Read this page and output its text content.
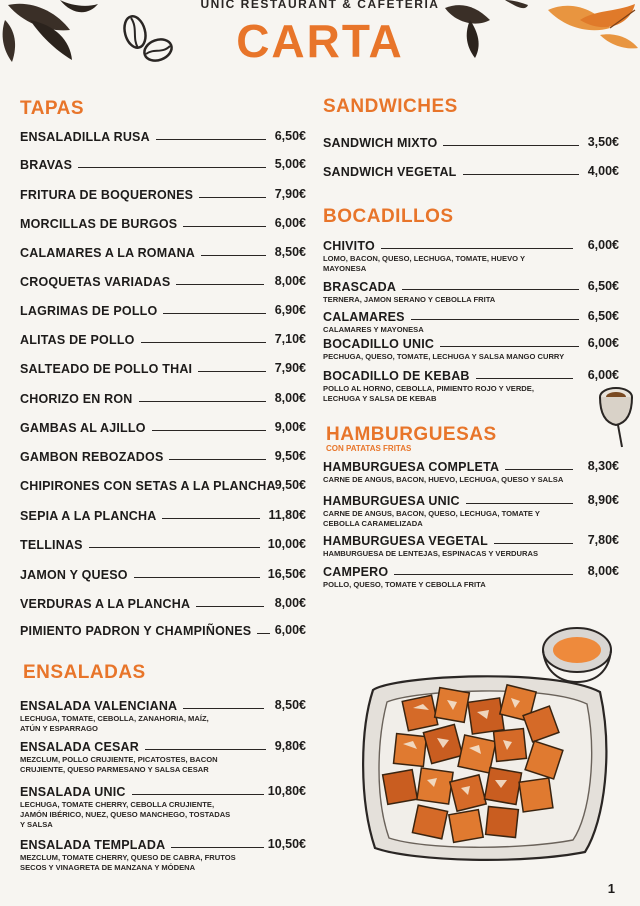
UNIC RESTAURANT & CAFETERIA
CARTA
TAPAS
ENSALADILLA RUSA	6,50€
BRAVAS	5,00€
FRITURA DE BOQUERONES	7,90€
MORCILLAS DE BURGOS	6,00€
CALAMARES A LA ROMANA	8,50€
CROQUETAS VARIADAS	8,00€
LAGRIMAS DE POLLO	6,90€
ALITAS DE POLLO	7,10€
SALTEADO DE POLLO THAI	7,90€
CHORIZO EN RON	8,00€
GAMBAS AL AJILLO	9,00€
GAMBON REBOZADOS	9,50€
CHIPIRONES CON SETAS A LA PLANCHA 9,50€
SEPIA A LA PLANCHA	11,80€
TELLINAS	10,00€
JAMON Y QUESO	16,50€
VERDURAS A LA PLANCHA	8,00€
PIMIENTO PADRON Y CHAMPIÑONES	6,00€
ENSALADAS
ENSALADA VALENCIANA	8,50€
LECHUGA, TOMATE, CEBOLLA, ZANAHORIA, MAÍZ,
ATÚN Y ESPARRAGO
ENSALADA CESAR	9,80€
MEZCLUM, POLLO CRUJIENTE, PICATOSTES, BACON
CRUJIENTE, QUESO PARMESANO Y SALSA CESAR
ENSALADA UNIC	10,80€
LECHUGA, TOMATE CHERRY, CEBOLLA CRUJIENTE,
JAMÓN IBÉRICO, NUEZ, QUESO MANCHEGO, TOSTADAS
Y SALSA
ENSALADA TEMPLADA	10,50€
MEZCLUM, TOMATE CHERRY, QUESO DE CABRA, FRUTOS
SECOS Y VINAGRETA DE MANZANA Y MÓDENA
SANDWICHES
SANDWICH MIXTO	3,50€
SANDWICH VEGETAL	4,00€
BOCADILLOS
CHIVITO	6,00€
LOMO, BACON, QUESO, LECHUGA, TOMATE, HUEVO Y
MAYONESA
BRASCADA	6,50€
TERNERA, JAMON SERANO Y CEBOLLA FRITA
CALAMARES	6,50€
CALAMARES Y MAYONESA
BOCADILLO UNIC	6,00€
PECHUGA, QUESO, TOMATE, LECHUGA Y SALSA MANGO CURRY
BOCADILLO DE KEBAB	6,00€
POLLO AL HORNO, CEBOLLA, PIMIENTO ROJO Y VERDE,
LECHUGA Y SALSA DE KEBAB
HAMBURGUESAS
CON PATATAS FRITAS
HAMBURGUESA COMPLETA	8,30€
CARNE DE ANGUS, BACON, HUEVO, LECHUGA, QUESO Y SALSA
HAMBURGUESA UNIC	8,90€
CARNE DE ANGUS, BACON, QUESO, LECHUGA, TOMATE Y
CEBOLLA CARAMELIZADA
HAMBURGUESA VEGETAL	7,80€
HAMBURGUESA DE LENTEJAS, ESPINACAS Y VERDURAS
CAMPERO	8,00€
POLLO, QUESO, TOMATE Y CEBOLLA FRITA
1
